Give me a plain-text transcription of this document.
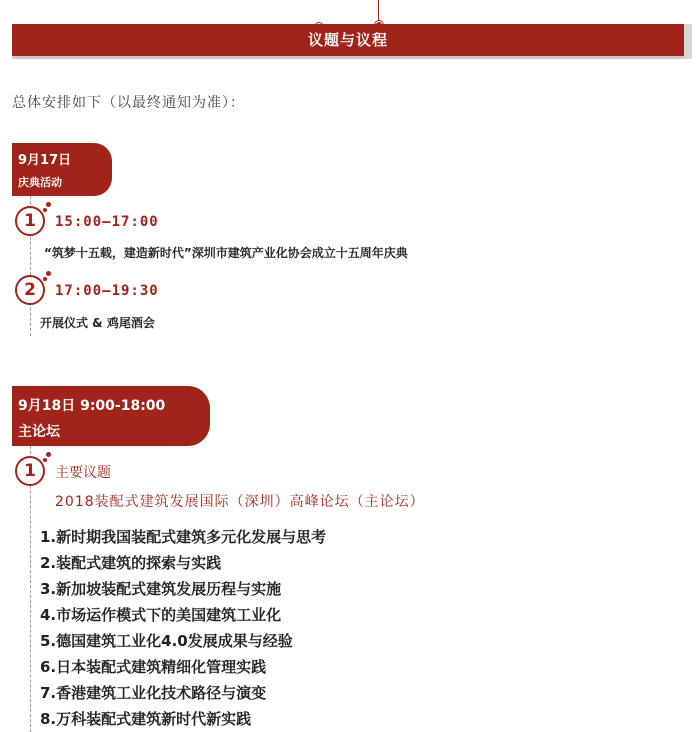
议题与议程
总体安排如下（以最终通知为准）：
9月17日
庆典活动
1	15:00—17:00
“筑梦十五载，建造新时代”深圳市建筑产业化协会成立十五周年庆典
2	17:00—19:30
开展仪式 & 鸡尾酒会
9月18日 9:00-18:00
主论坛
1	主要议题
2018装配式建筑发展国际（深圳）高峰论坛（主论坛）
1.新时期我国装配式建筑多元化发展与思考
2.装配式建筑的探索与实践
3.新加坡装配式建筑发展历程与实施
4.市场运作模式下的美国建筑工业化
5.德国建筑工业化4.0发展成果与经验
6.日本装配式建筑精细化管理实践
7.香港建筑工业化技术路径与演变
8.万科装配式建筑新时代新实践
